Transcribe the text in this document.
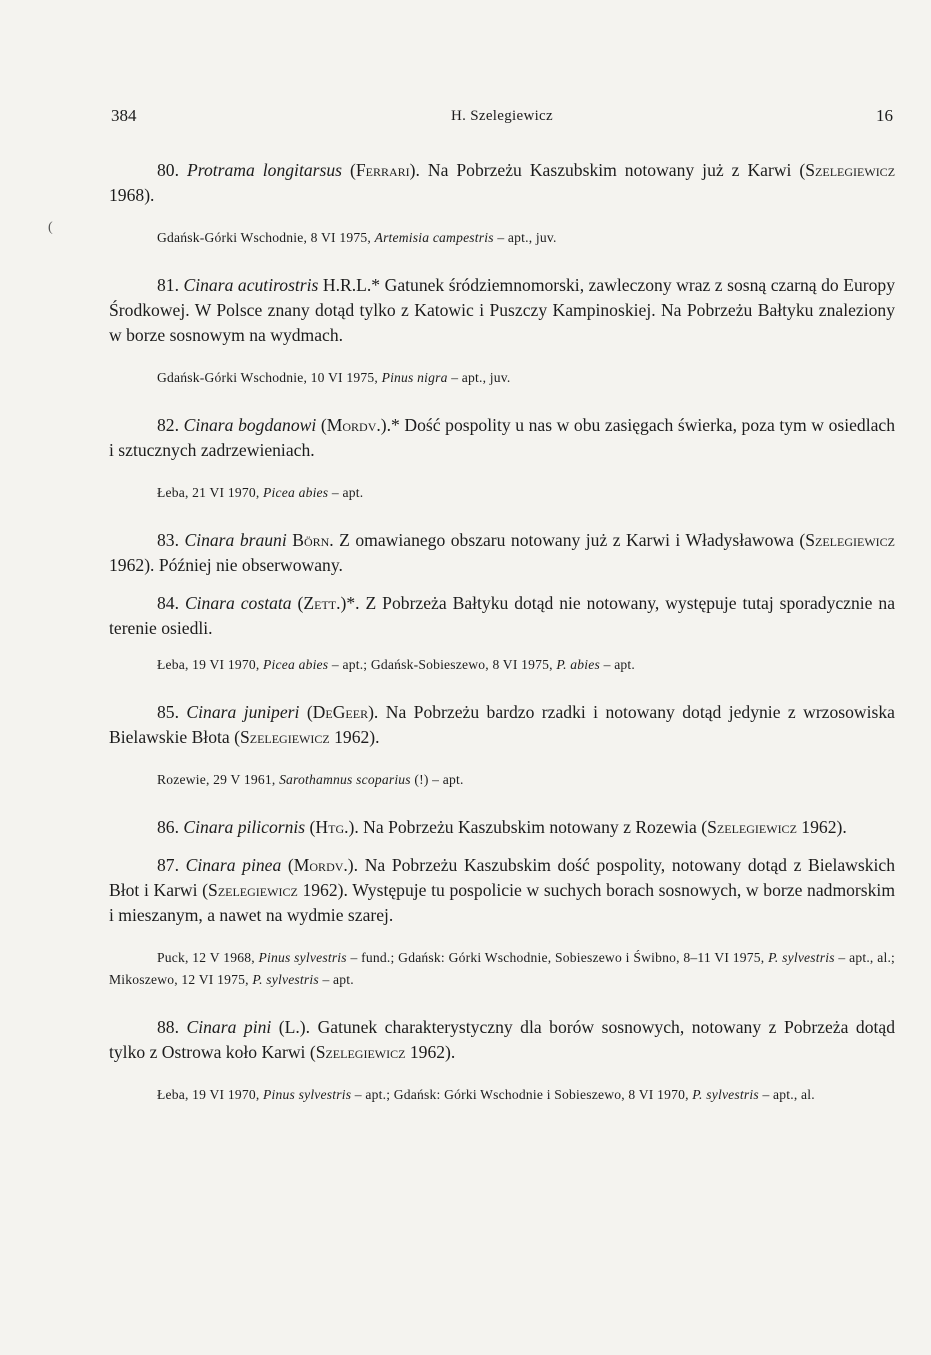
384	H. Szelegiewicz	16
(

80. Protrama longitarsus (Ferrari). Na Pobrzeżu Kaszubskim notowany już z Karwi (Szelegiewicz 1968).

Gdańsk-Górki Wschodnie, 8 VI 1975, Artemisia campestris – apt., juv.

81. Cinara acutirostris H.R.L.* Gatunek śródziemnomorski, zawleczony wraz z sosną czarną do Europy Środkowej. W Polsce znany dotąd tylko z Katowic i Puszczy Kampinoskiej. Na Pobrzeżu Bałtyku znaleziony w borze sosnowym na wydmach.

Gdańsk-Górki Wschodnie, 10 VI 1975, Pinus nigra – apt., juv.

82. Cinara bogdanowi (Mordv.).* Dość pospolity u nas w obu zasięgach świerka, poza tym w osiedlach i sztucznych zadrzewieniach.

Łeba, 21 VI 1970, Picea abies – apt.

83. Cinara brauni Börn. Z omawianego obszaru notowany już z Karwi i Władysławowa (Szelegiewicz 1962). Później nie obserwowany.

84. Cinara costata (Zett.)*. Z Pobrzeża Bałtyku dotąd nie notowany, występuje tutaj sporadycznie na terenie osiedli.

Łeba, 19 VI 1970, Picea abies – apt.; Gdańsk-Sobieszewo, 8 VI 1975, P. abies – apt.

85. Cinara juniperi (DeGeer). Na Pobrzeżu bardzo rzadki i notowany dotąd jedynie z wrzosowiska Bielawskie Błota (Szelegiewicz 1962).

Rozewie, 29 V 1961, Sarothamnus scoparius (!) – apt.

86. Cinara pilicornis (Htg.). Na Pobrzeżu Kaszubskim notowany z Rozewia (Szelegiewicz 1962).

87. Cinara pinea (Mordv.). Na Pobrzeżu Kaszubskim dość pospolity, notowany dotąd z Bielawskich Błot i Karwi (Szelegiewicz 1962). Występuje tu pospolicie w suchych borach sosnowych, w borze nadmorskim i mieszanym, a nawet na wydmie szarej.

Puck, 12 V 1968, Pinus sylvestris – fund.; Gdańsk: Górki Wschodnie, Sobieszewo i Świbno, 8–11 VI 1975, P. sylvestris – apt., al.; Mikoszewo, 12 VI 1975, P. sylvestris – apt.

88. Cinara pini (L.). Gatunek charakterystyczny dla borów sosnowych, notowany z Pobrzeża dotąd tylko z Ostrowa koło Karwi (Szelegiewicz 1962).

Łeba, 19 VI 1970, Pinus sylvestris – apt.; Gdańsk: Górki Wschodnie i Sobieszewo, 8 VI 1970, P. sylvestris – apt., al.
